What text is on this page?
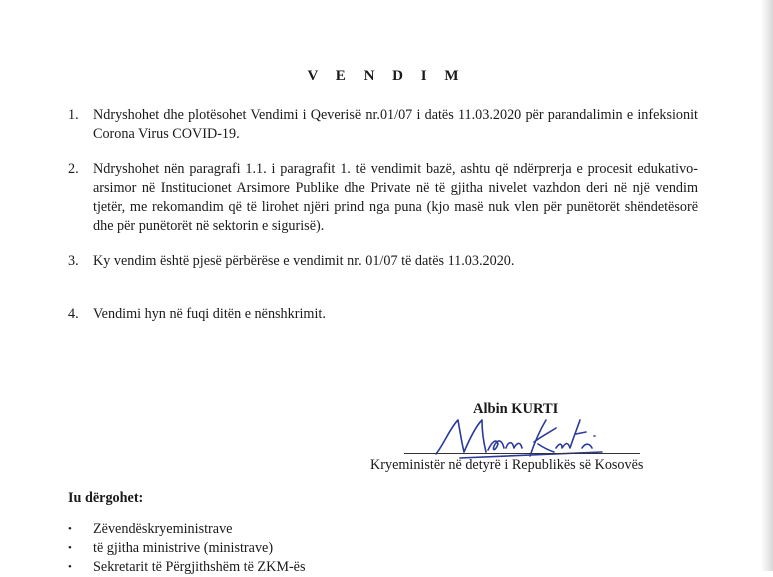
V E N D I M
1. Ndryshohet dhe plotësohet Vendimi i Qeverisë nr.01/07 i datës 11.03.2020 për parandalimin e infeksionit Corona Virus COVID-19.
2. Ndryshohet nën paragrafi 1.1. i paragrafit 1. të vendimit bazë, ashtu që ndërprerja e procesit edukativo-arsimor në Institucionet Arsimore Publike dhe Private në të gjitha nivelet vazhdon deri në një vendim tjetër, me rekomandim që të lirohet njëri prind nga puna (kjo masë nuk vlen për punëtorët shëndetësorë dhe për punëtorët në sektorin e sigurisë).
3. Ky vendim është pjesë përbërëse e vendimit nr. 01/07 të datës 11.03.2020.
4. Vendimi hyn në fuqi ditën e nënshkrimit.
Albin KURTI
Kryeministër në detyrë i Republikës së Kosovës
Iu dërgohet:
• Zëvendëskryeministrave
• të gjitha ministrive (ministrave)
• Sekretarit të Përgjithshëm të ZKM-ës
